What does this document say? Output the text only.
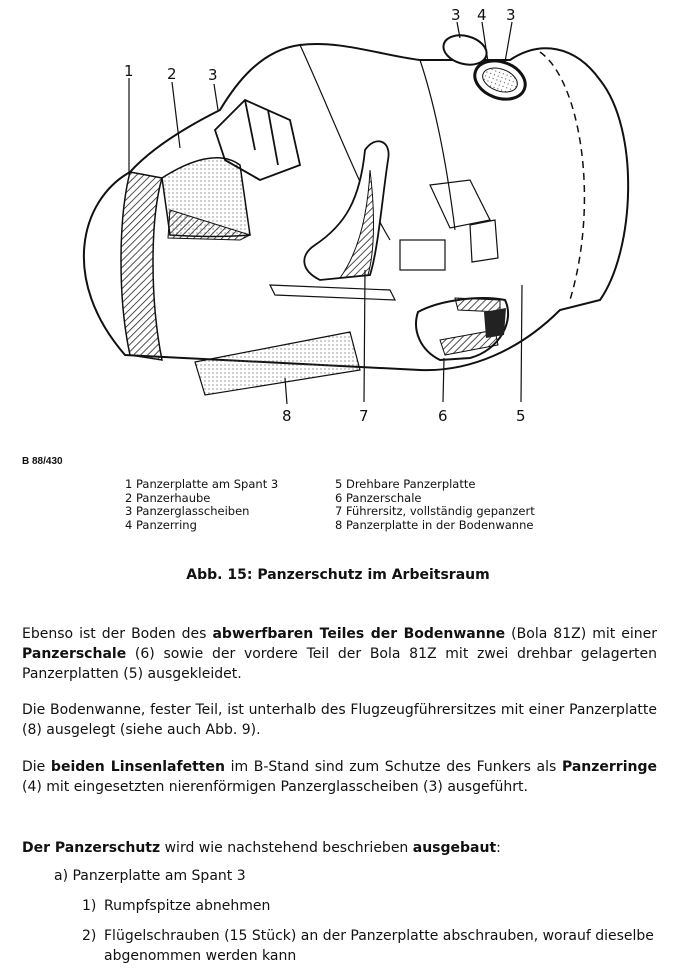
1 2 3
3 4 3
8	7	6	5
B 88/430
1 Panzerplatte am Spant 3
2 Panzerhaube
3 Panzerglasscheiben
4 Panzerring
5 Drehbare Panzerplatte
6 Panzerschale
7 Führersitz, vollständig gepanzert
8 Panzerplatte in der Bodenwanne
Abb. 15: Panzerschutz im Arbeitsraum
Ebenso ist der Boden des abwerfbaren Teiles der Bodenwanne (Bola 81Z) mit einer Panzerschale (6) sowie der vordere Teil der Bola 81Z mit zwei drehbar gelagerten Panzerplatten (5) ausgekleidet.
Die Bodenwanne, fester Teil, ist unterhalb des Flugzeugführersitzes mit einer Panzerplatte (8) ausgelegt (siehe auch Abb. 9).
Die beiden Linsenlafetten im B-Stand sind zum Schutze des Funkers als Panzerringe (4) mit eingesetzten nierenförmigen Panzerglasscheiben (3) ausgeführt.
Der Panzerschutz wird wie nachstehend beschrieben ausgebaut:
a) Panzerplatte am Spant 3
1) Rumpfspitze abnehmen
2) Flügelschrauben (15 Stück) an der Panzerplatte abschrauben, worauf dieselbe abgenommen werden kann
